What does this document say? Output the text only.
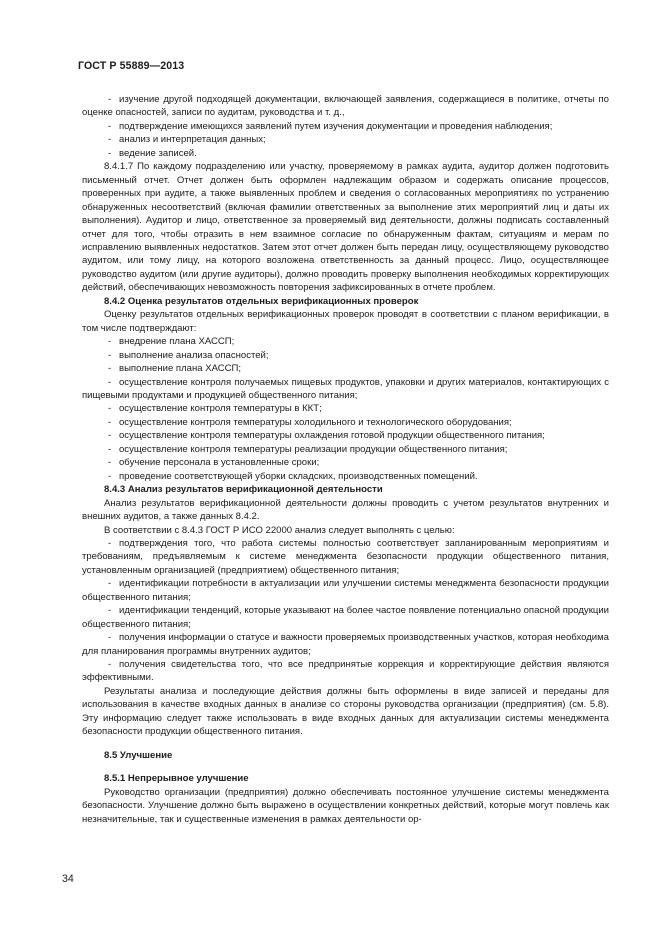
ГОСТ Р 55889—2013

- изучение другой подходящей документации, включающей заявления, содержащиеся в политике, отчеты по оценке опасностей, записи по аудитам, руководства и т. д.,

- подтверждение имеющихся заявлений путем изучения документации и проведения наблюдения;

- анализ и интерпретация данных;

- ведение записей.

8.4.1.7 По каждому подразделению или участку, проверяемому в рамках аудита, аудитор должен подготовить письменный отчет. Отчет должен быть оформлен надлежащим образом и содержать описание процессов, проверенных при аудите, а также выявленных проблем и сведения о согласованных мероприятиях по устранению обнаруженных несоответствий (включая фамилии ответственных за выполнение этих мероприятий лиц и даты их выполнения). Аудитор и лицо, ответственное за проверяемый вид деятельности, должны подписать составленный отчет для того, чтобы отразить в нем взаимное согласие по обнаруженным фактам, ситуациям и мерам по исправлению выявленных недостатков. Затем этот отчет должен быть передан лицу, осуществляющему руководство аудитом, или тому лицу, на которого возложена ответственность за данный процесс. Лицо, осуществляющее руководство аудитом (или другие аудиторы), должно проводить проверку выполнения необходимых корректирующих действий, обеспечивающих невозможность повторения зафиксированных в отчете проблем.

8.4.2 Оценка результатов отдельных верификационных проверок

Оценку результатов отдельных верификационных проверок проводят в соответствии с планом верификации, в том числе подтверждают:

- внедрение плана ХАССП;

- выполнение анализа опасностей;

- выполнение плана ХАССП;

- осуществление контроля получаемых пищевых продуктов, упаковки и других материалов, контактирующих с пищевыми продуктами и продукцией общественного питания;

- осуществление контроля температуры в ККТ;

- осуществление контроля температуры холодильного и технологического оборудования;

- осуществление контроля температуры охлаждения готовой продукции общественного питания;

- осуществление контроля температуры реализации продукции общественного питания;

- обучение персонала в установленные сроки;

- проведение соответствующей уборки складских, производственных помещений.

8.4.3 Анализ результатов верификационной деятельности

Анализ результатов верификационной деятельности должны проводить с учетом результатов внутренних и внешних аудитов, а также данных 8.4.2.

В соответствии с 8.4.3 ГОСТ Р ИСО 22000 анализ следует выполнять с целью:

- подтверждения того, что работа системы полностью соответствует запланированным мероприятиям и требованиям, предъявляемым к системе менеджмента безопасности продукции общественного питания, установленным организацией (предприятием) общественного питания;

- идентификации потребности в актуализации или улучшении системы менеджмента безопасности продукции общественного питания;

- идентификации тенденций, которые указывают на более частое появление потенциально опасной продукции общественного питания;

- получения информации о статусе и важности проверяемых производственных участков, которая необходима для планирования программы внутренних аудитов;

- получения свидетельства того, что все предпринятые коррекция и корректирующие действия являются эффективными.

Результаты анализа и последующие действия должны быть оформлены в виде записей и переданы для использования в качестве входных данных в анализе со стороны руководства организации (предприятия) (см. 5.8). Эту информацию следует также использовать в виде входных данных для актуализации системы менеджмента безопасности продукции общественного питания.

8.5 Улучшение

8.5.1 Непрерывное улучшение

Руководство организации (предприятия) должно обеспечивать постоянное улучшение системы менеджмента безопасности. Улучшение должно быть выражено в осуществлении конкретных действий, которые могут повлечь как незначительные, так и существенные изменения в рамках деятельности ор-

34
